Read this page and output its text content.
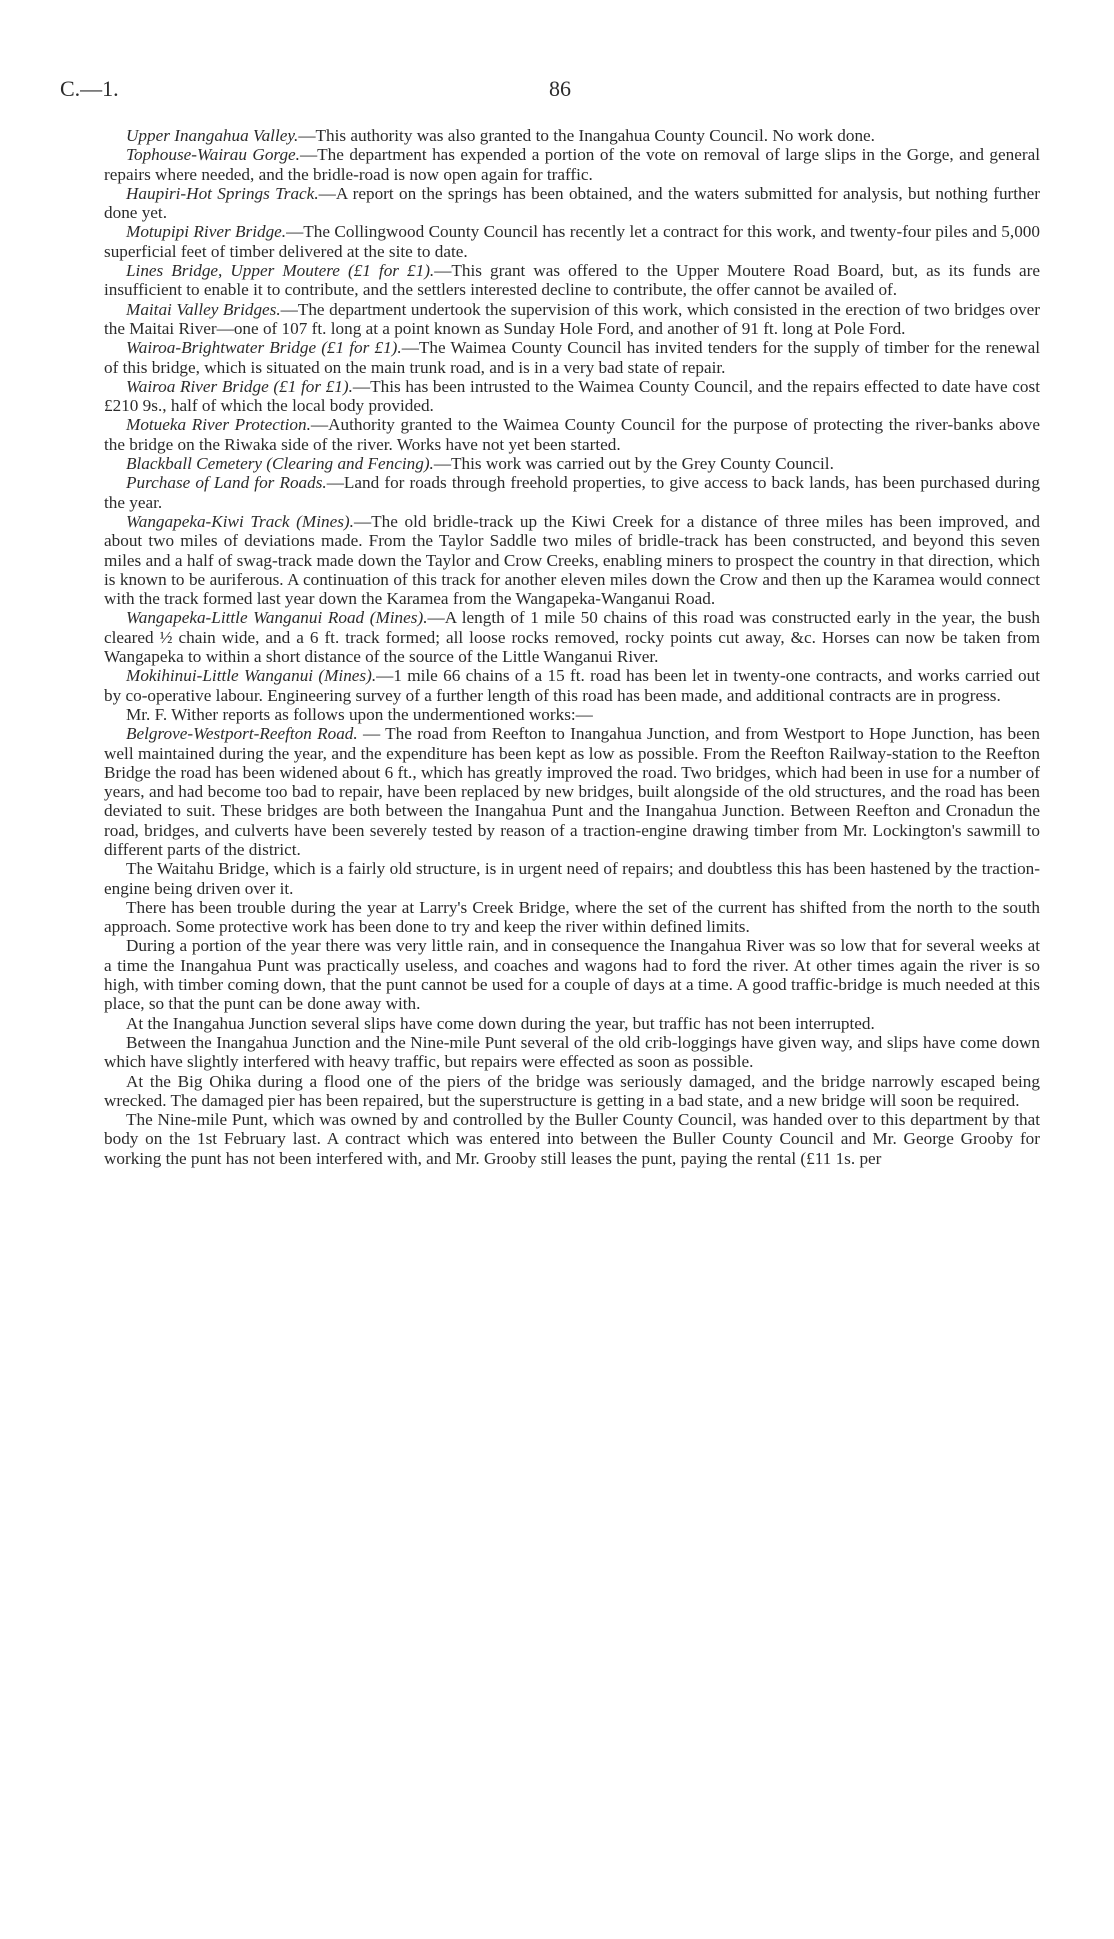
C.—1.	86

Upper Inangahua Valley.—This authority was also granted to the Inangahua County Council. No work done.

Tophouse-Wairau Gorge.—The department has expended a portion of the vote on removal of large slips in the Gorge, and general repairs where needed, and the bridle-road is now open again for traffic.

Haupiri-Hot Springs Track.—A report on the springs has been obtained, and the waters submitted for analysis, but nothing further done yet.

Motupipi River Bridge.—The Collingwood County Council has recently let a contract for this work, and twenty-four piles and 5,000 superficial feet of timber delivered at the site to date.

Lines Bridge, Upper Moutere (£1 for £1).—This grant was offered to the Upper Moutere Road Board, but, as its funds are insufficient to enable it to contribute, and the settlers interested decline to contribute, the offer cannot be availed of.

Maitai Valley Bridges.—The department undertook the supervision of this work, which consisted in the erection of two bridges over the Maitai River—one of 107 ft. long at a point known as Sunday Hole Ford, and another of 91 ft. long at Pole Ford.

Wairoa-Brightwater Bridge (£1 for £1).—The Waimea County Council has invited tenders for the supply of timber for the renewal of this bridge, which is situated on the main trunk road, and is in a very bad state of repair.

Wairoa River Bridge (£1 for £1).—This has been intrusted to the Waimea County Council, and the repairs effected to date have cost £210 9s., half of which the local body provided.

Motueka River Protection.—Authority granted to the Waimea County Council for the purpose of protecting the river-banks above the bridge on the Riwaka side of the river. Works have not yet been started.

Blackball Cemetery (Clearing and Fencing).—This work was carried out by the Grey County Council.

Purchase of Land for Roads.—Land for roads through freehold properties, to give access to back lands, has been purchased during the year.

Wangapeka-Kiwi Track (Mines).—The old bridle-track up the Kiwi Creek for a distance of three miles has been improved, and about two miles of deviations made. From the Taylor Saddle two miles of bridle-track has been constructed, and beyond this seven miles and a half of swag-track made down the Taylor and Crow Creeks, enabling miners to prospect the country in that direction, which is known to be auriferous. A continuation of this track for another eleven miles down the Crow and then up the Karamea would connect with the track formed last year down the Karamea from the Wangapeka-Wanganui Road.

Wangapeka-Little Wanganui Road (Mines).—A length of 1 mile 50 chains of this road was constructed early in the year, the bush cleared ½ chain wide, and a 6 ft. track formed; all loose rocks removed, rocky points cut away, &c. Horses can now be taken from Wangapeka to within a short distance of the source of the Little Wanganui River.

Mokihinui-Little Wanganui (Mines).—1 mile 66 chains of a 15 ft. road has been let in twenty-one contracts, and works carried out by co-operative labour. Engineering survey of a further length of this road has been made, and additional contracts are in progress.

Mr. F. Wither reports as follows upon the undermentioned works:—

Belgrove-Westport-Reefton Road. — The road from Reefton to Inangahua Junction, and from Westport to Hope Junction, has been well maintained during the year, and the expenditure has been kept as low as possible. From the Reefton Railway-station to the Reefton Bridge the road has been widened about 6 ft., which has greatly improved the road. Two bridges, which had been in use for a number of years, and had become too bad to repair, have been replaced by new bridges, built alongside of the old structures, and the road has been deviated to suit. These bridges are both between the Inangahua Punt and the Inangahua Junction. Between Reefton and Cronadun the road, bridges, and culverts have been severely tested by reason of a traction-engine drawing timber from Mr. Lockington's sawmill to different parts of the district.

The Waitahu Bridge, which is a fairly old structure, is in urgent need of repairs; and doubtless this has been hastened by the traction-engine being driven over it.

There has been trouble during the year at Larry's Creek Bridge, where the set of the current has shifted from the north to the south approach. Some protective work has been done to try and keep the river within defined limits.

During a portion of the year there was very little rain, and in consequence the Inangahua River was so low that for several weeks at a time the Inangahua Punt was practically useless, and coaches and wagons had to ford the river. At other times again the river is so high, with timber coming down, that the punt cannot be used for a couple of days at a time. A good traffic-bridge is much needed at this place, so that the punt can be done away with.

At the Inangahua Junction several slips have come down during the year, but traffic has not been interrupted.

Between the Inangahua Junction and the Nine-mile Punt several of the old crib-loggings have given way, and slips have come down which have slightly interfered with heavy traffic, but repairs were effected as soon as possible.

At the Big Ohika during a flood one of the piers of the bridge was seriously damaged, and the bridge narrowly escaped being wrecked. The damaged pier has been repaired, but the superstructure is getting in a bad state, and a new bridge will soon be required.

The Nine-mile Punt, which was owned by and controlled by the Buller County Council, was handed over to this department by that body on the 1st February last. A contract which was entered into between the Buller County Council and Mr. George Grooby for working the punt has not been interfered with, and Mr. Grooby still leases the punt, paying the rental (£11 1s. per
